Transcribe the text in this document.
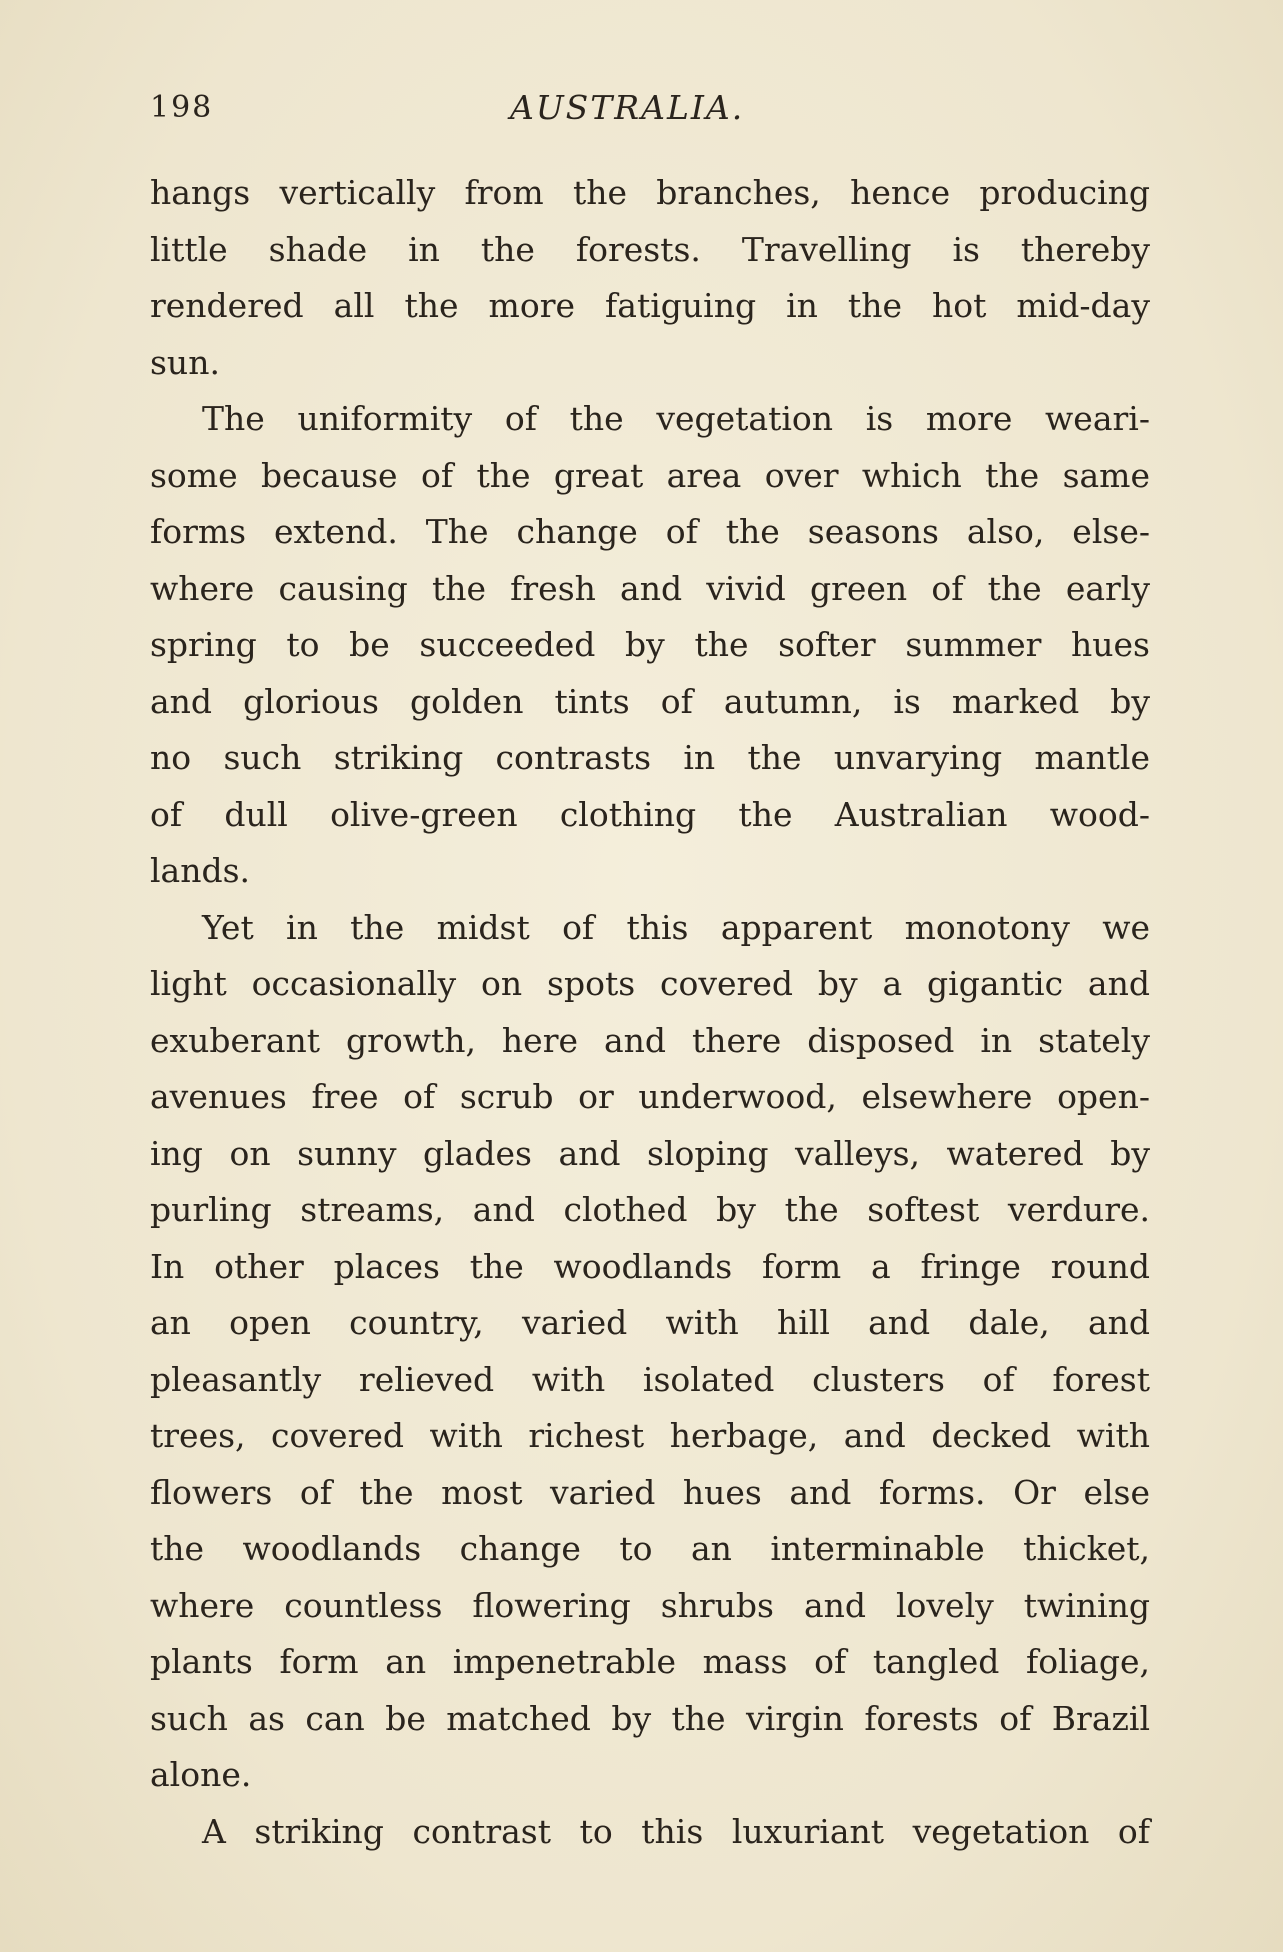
198	AUSTRALIA.
hangs vertically from the branches, hence producing
little shade in the forests. Travelling is thereby
rendered all the more fatiguing in the hot mid-day
sun.
The uniformity of the vegetation is more weari-
some because of the great area over which the same
forms extend. The change of the seasons also, else-
where causing the fresh and vivid green of the early
spring to be succeeded by the softer summer hues
and glorious golden tints of autumn, is marked by
no such striking contrasts in the unvarying mantle
of dull olive-green clothing the Australian wood-
lands.
Yet in the midst of this apparent monotony we
light occasionally on spots covered by a gigantic and
exuberant growth, here and there disposed in stately
avenues free of scrub or underwood, elsewhere open-
ing on sunny glades and sloping valleys, watered by
purling streams, and clothed by the softest verdure.
In other places the woodlands form a fringe round
an open country, varied with hill and dale, and
pleasantly relieved with isolated clusters of forest
trees, covered with richest herbage, and decked with
flowers of the most varied hues and forms. Or else
the woodlands change to an interminable thicket,
where countless flowering shrubs and lovely twining
plants form an impenetrable mass of tangled foliage,
such as can be matched by the virgin forests of Brazil
alone.
A striking contrast to this luxuriant vegetation of
